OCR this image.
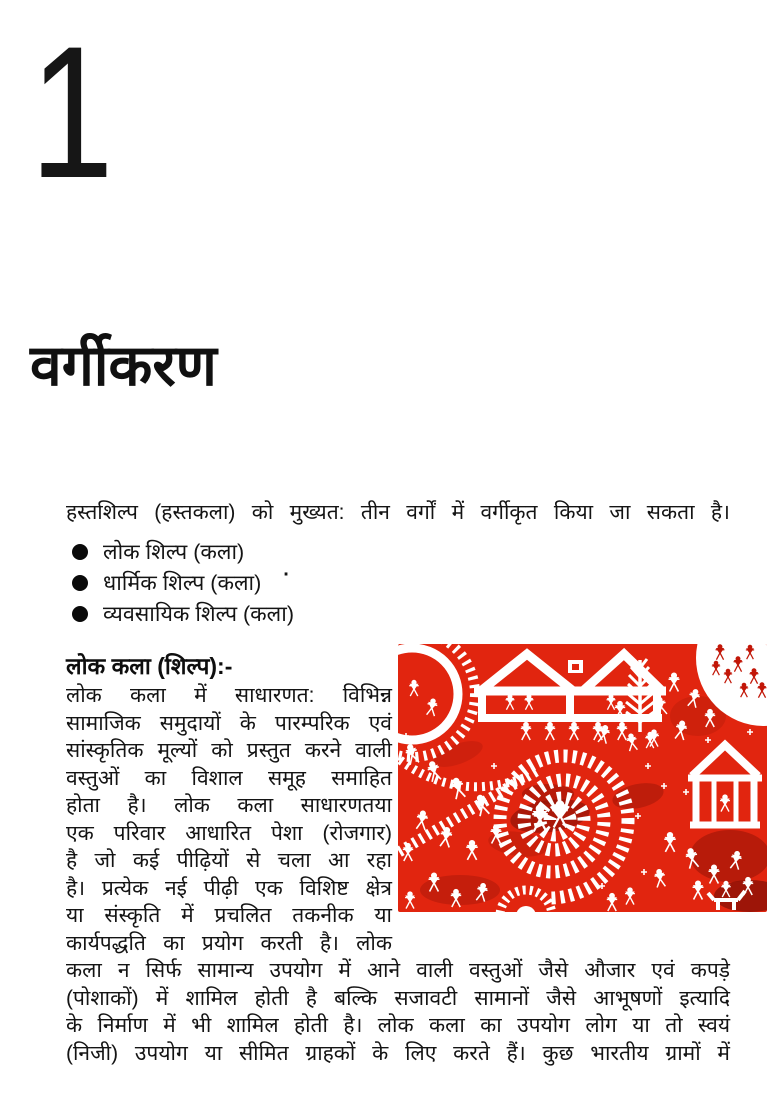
1
वर्गीकरण
हस्तशिल्प (हस्तकला) को मुख्यत: तीन वर्गों में वर्गीकृत किया जा सकता है।
लोक शिल्प (कला)
धार्मिक शिल्प (कला) ·
व्यवसायिक शिल्प (कला)
लोक कला (शिल्प):-
लोक कला में साधारणत: विभिन्न
सामाजिक समुदायों के पारम्परिक एवं
सांस्कृतिक मूल्यों को प्रस्तुत करने वाली
वस्तुओं का विशाल समूह समाहित
होता है। लोक कला साधारणतया
एक परिवार आधारित पेशा (रोजगार)
है जो कई पीढ़ियों से चला आ रहा
है। प्रत्येक नई पीढ़ी एक विशिष्ट क्षेत्र
या संस्कृति में प्रचलित तकनीक या
कार्यपद्धति का प्रयोग करती है। लोक
कला न सिर्फ सामान्य उपयोग में आने वाली वस्तुओं जैसे औजार एवं कपड़े
(पोशाकों) में शामिल होती है बल्कि सजावटी सामानों जैसे आभूषणों इत्यादि
के निर्माण में भी शामिल होती है। लोक कला का उपयोग लोग या तो स्वयं
(निजी) उपयोग या सीमित ग्राहकों के लिए करते हैं। कुछ भारतीय ग्रामों में
